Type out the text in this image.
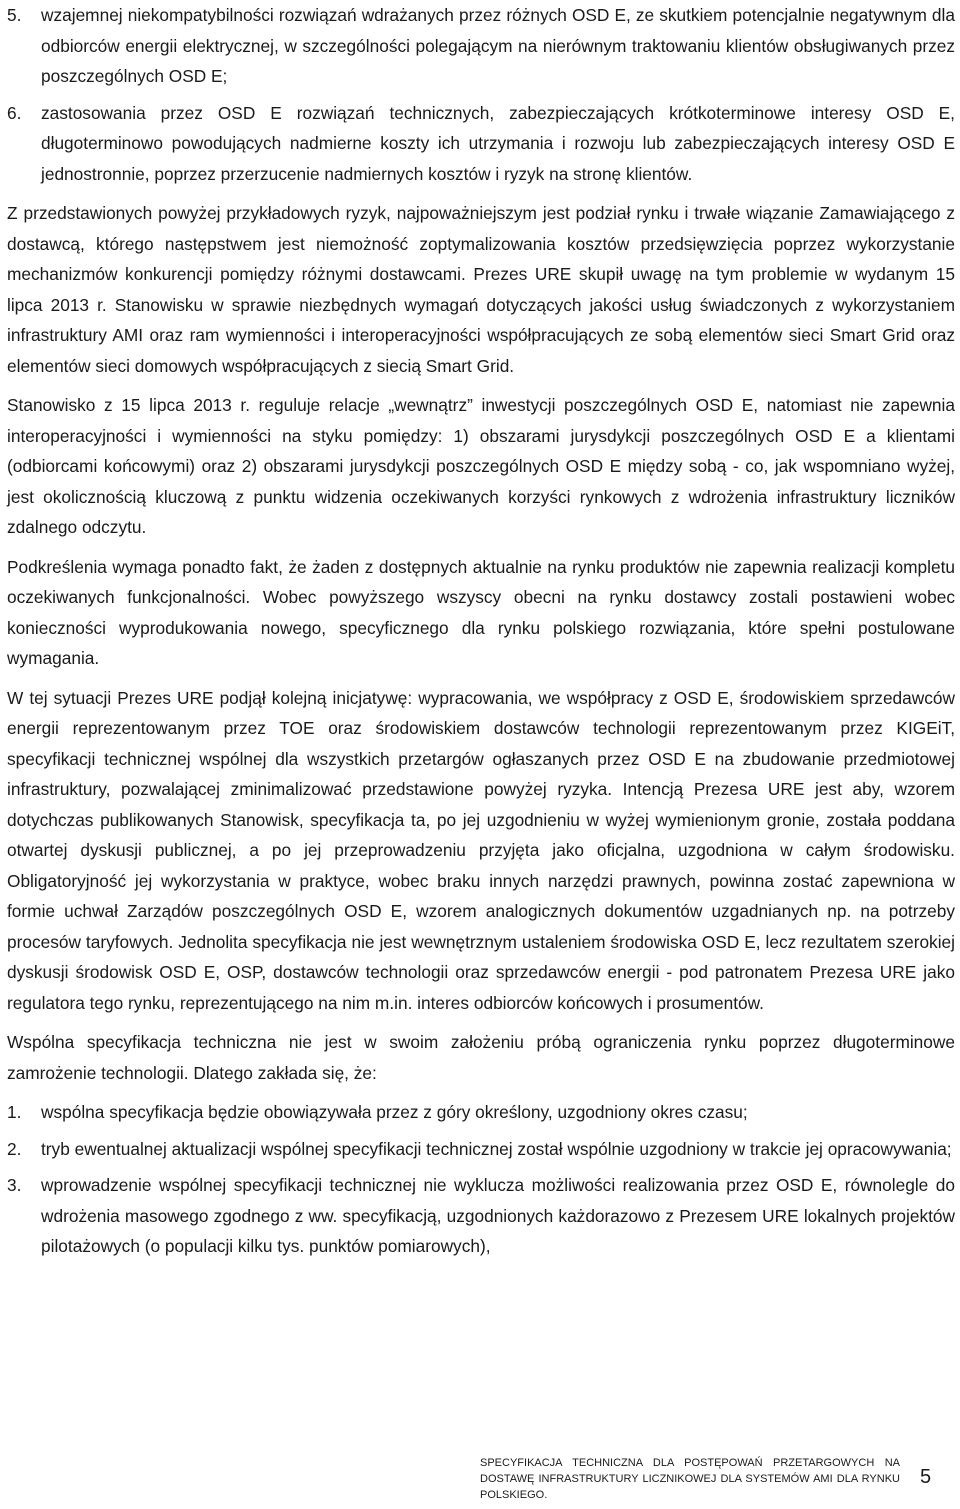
5. wzajemnej niekompatybilności rozwiązań wdrażanych przez różnych OSD E, ze skutkiem potencjalnie negatywnym dla odbiorców energii elektrycznej, w szczególności polegającym na nierównym traktowaniu klientów obsługiwanych przez poszczególnych OSD E;
6. zastosowania przez OSD E rozwiązań technicznych, zabezpieczających krótkoterminowe interesy OSD E, długoterminowo powodujących nadmierne koszty ich utrzymania i rozwoju lub zabezpieczających interesy OSD E jednostronnie, poprzez przerzucenie nadmiernych kosztów i ryzyk na stronę klientów.

Z przedstawionych powyżej przykładowych ryzyk, najpoważniejszym jest podział rynku i trwałe wiązanie Zamawiającego z dostawcą, którego następstwem jest niemożność zoptymalizowania kosztów przedsięwzięcia poprzez wykorzystanie mechanizmów konkurencji pomiędzy różnymi dostawcami. Prezes URE skupił uwagę na tym problemie w wydanym 15 lipca 2013 r. Stanowisku w sprawie niezbędnych wymagań dotyczących jakości usług świadczonych z wykorzystaniem infrastruktury AMI oraz ram wymienności i interoperacyjności współpracujących ze sobą elementów sieci Smart Grid oraz elementów sieci domowych współpracujących z siecią Smart Grid.

Stanowisko z 15 lipca 2013 r. reguluje relacje „wewnątrz” inwestycji poszczególnych OSD E, natomiast nie zapewnia interoperacyjności i wymienności na styku pomiędzy: 1) obszarami jurysdykcji poszczególnych OSD E a klientami (odbiorcami końcowymi) oraz 2) obszarami jurysdykcji poszczególnych OSD E między sobą - co, jak wspomniano wyżej, jest okolicznością kluczową z punktu widzenia oczekiwanych korzyści rynkowych z wdrożenia infrastruktury liczników zdalnego odczytu.

Podkreślenia wymaga ponadto fakt, że żaden z dostępnych aktualnie na rynku produktów nie zapewnia realizacji kompletu oczekiwanych funkcjonalności. Wobec powyższego wszyscy obecni na rynku dostawcy zostali postawieni wobec konieczności wyprodukowania nowego, specyficznego dla rynku polskiego rozwiązania, które spełni postulowane wymagania.

W tej sytuacji Prezes URE podjął kolejną inicjatywę: wypracowania, we współpracy z OSD E, środowiskiem sprzedawców energii reprezentowanym przez TOE oraz środowiskiem dostawców technologii reprezentowanym przez KIGEiT, specyfikacji technicznej wspólnej dla wszystkich przetargów ogłaszanych przez OSD E na zbudowanie przedmiotowej infrastruktury, pozwalającej zminimalizować przedstawione powyżej ryzyka. Intencją Prezesa URE jest aby, wzorem dotychczas publikowanych Stanowisk, specyfikacja ta, po jej uzgodnieniu w wyżej wymienionym gronie, została poddana otwartej dyskusji publicznej, a po jej przeprowadzeniu przyjęta jako oficjalna, uzgodniona w całym środowisku. Obligatoryjność jej wykorzystania w praktyce, wobec braku innych narzędzi prawnych, powinna zostać zapewniona w formie uchwał Zarządów poszczególnych OSD E, wzorem analogicznych dokumentów uzgadnianych np. na potrzeby procesów taryfowych. Jednolita specyfikacja nie jest wewnętrznym ustaleniem środowiska OSD E, lecz rezultatem szerokiej dyskusji środowisk OSD E, OSP, dostawców technologii oraz sprzedawców energii - pod patronatem Prezesa URE jako regulatora tego rynku, reprezentującego na nim m.in. interes odbiorców końcowych i prosumentów.

Wspólna specyfikacja techniczna nie jest w swoim założeniu próbą ograniczenia rynku poprzez długoterminowe zamrożenie technologii. Dlatego zakłada się, że:

1. wspólna specyfikacja będzie obowiązywała przez z góry określony, uzgodniony okres czasu;
2. tryb ewentualnej aktualizacji wspólnej specyfikacji technicznej został wspólnie uzgodniony w trakcie jej opracowywania;
3. wprowadzenie wspólnej specyfikacji technicznej nie wyklucza możliwości realizowania przez OSD E, równolegle do wdrożenia masowego zgodnego z ww. specyfikacją, uzgodnionych każdorazowo z Prezesem URE lokalnych projektów pilotażowych (o populacji kilku tys. punktów pomiarowych),
SPECYFIKACJA TECHNICZNA DLA POSTĘPOWAŃ PRZETARGOWYCH NA DOSTAWĘ INFRASTRUKTURY LICZNIKOWEJ DLA SYSTEMÓW AMI DLA RYNKU POLSKIEGO.
5
